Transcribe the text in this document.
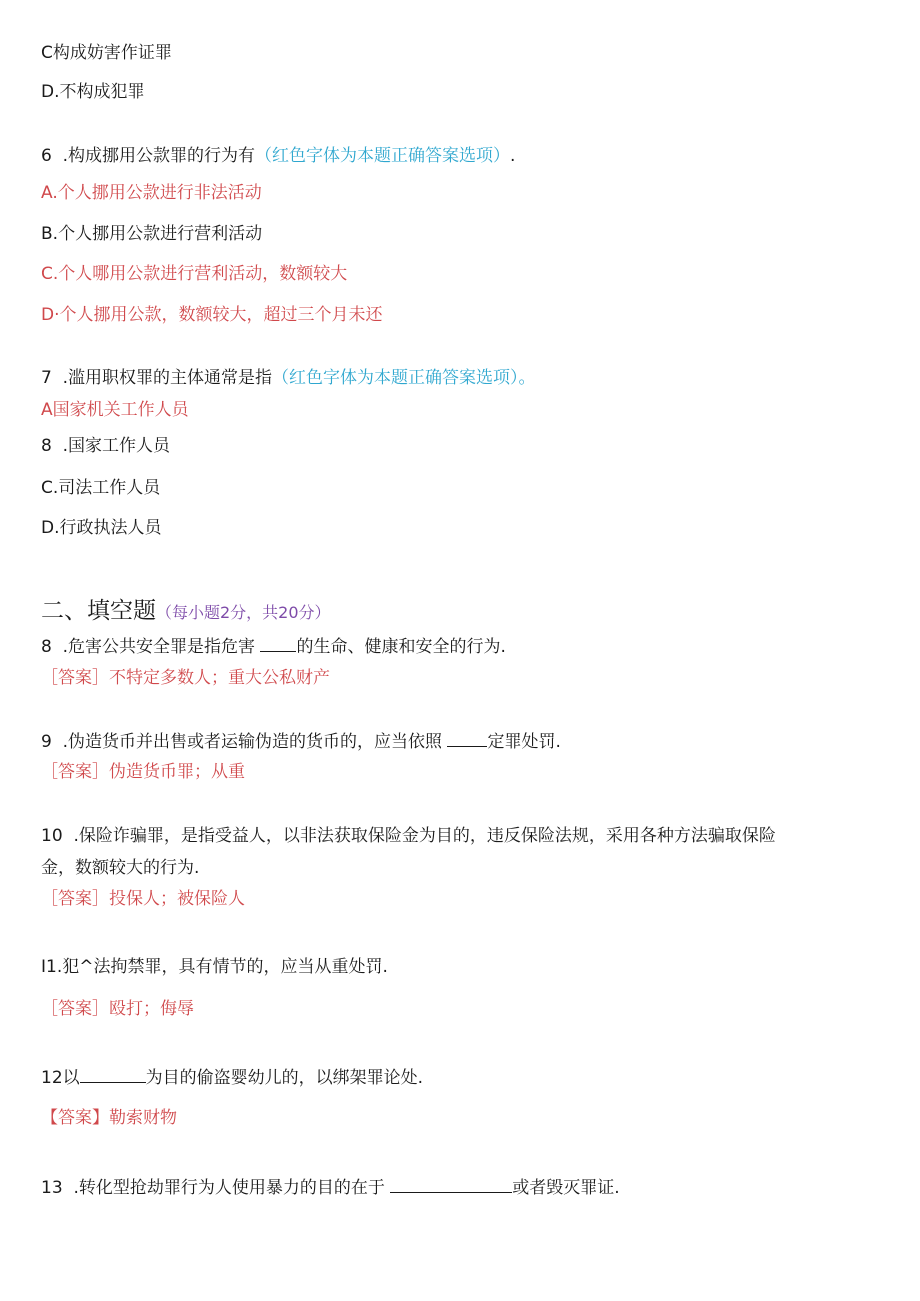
C构成妨害作证罪
D.不构成犯罪
6 .构成挪用公款罪的行为有（红色字体为本题正确答案选项）.
A.个人挪用公款进行非法活动
B.个人挪用公款进行营利活动
C.个人哪用公款进行营利活动，数额较大
D·个人挪用公款，数额较大，超过三个月未还
7 .滥用职权罪的主体通常是指（红色字体为本题正确答案选项）。
A国家机关工作人员
8 .国家工作人员
C.司法工作人员
D.行政执法人员
二、填空题（每小题2分，共20分）
8 .危害公共安全罪是指危害 的生命、健康和安全的行为.
［答案］不特定多数人；重大公私财产
9 .伪造货币并出售或者运输伪造的货币的，应当依照	定罪处罚.
［答案］伪造货币罪；从重
10 .保险诈骗罪，是指受益人，以非法获取保险金为目的，违反保险法规，采用各种方法骗取保险
金，数额较大的行为.
［答案］投保人；被保险人
I1.犯^法拘禁罪，具有情节的，应当从重处罚.
［答案］殴打；侮辱
12以	为目的偷盗婴幼儿的，以绑架罪论处.
【答案】勒索财物
13 .转化型抢劫罪行为人使用暴力的目的在于	或者毁灭罪证.
